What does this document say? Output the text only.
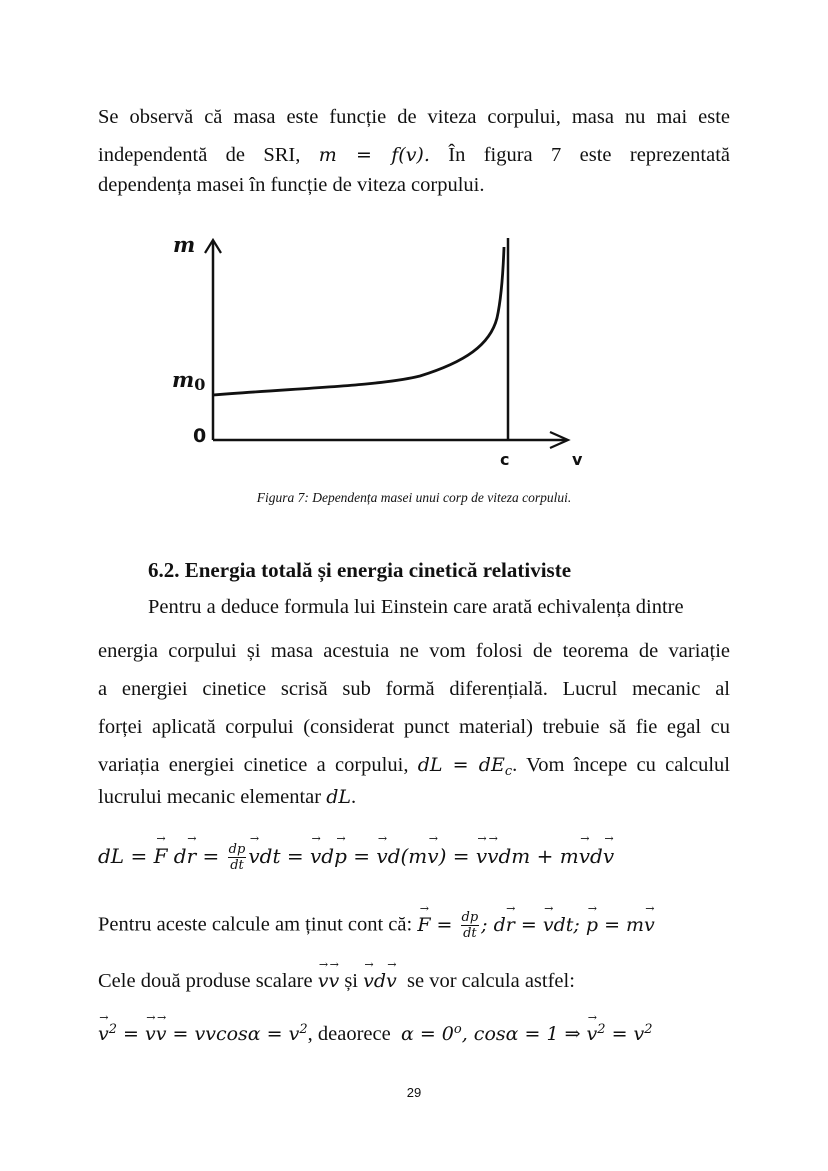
Se observă că masa este funcție de viteza corpului, masa nu mai este
independentă de SRI, m = f(v). În figura 7 este reprezentată
dependența masei în funcție de viteza corpului.
m
m0
0
c	v
Figura 7: Dependența masei unui corp de viteza corpului.
6.2. Energia totală și energia cinetică relativiste
Pentru a deduce formula lui Einstein care arată echivalența dintre
energia corpului și masa acestuia ne vom folosi de teorema de variație
a energiei cinetice scrisă sub formă diferențială. Lucrul mecanic al
forței aplicată corpului (considerat punct material) trebuie să fie egal cu
variația energiei cinetice a corpului, dL = $dE_c$. Vom începe cu calculul
lucrului mecanic elementar dL.
dL = → F $d\to r = \frac{dp}{dt}$ → vdt = → vd→ p = → vd(m→ v) = → v→ vdm + m→ vd→ v
Pentru aceste calcule am ținut cont că: → $F = \frac{dp}{dt}$ ; d→ r = → vdt; → p = m→ v
Cele două produse scalare → v→ v și → vd→ v se vor calcula astfel:
→ $v^2$ = → $v\to v = vvcos\alpha = v^2$, deaorece $\alpha = 0^o$, cosα = 1 ⇒ → $v^2 = v^2$
29
